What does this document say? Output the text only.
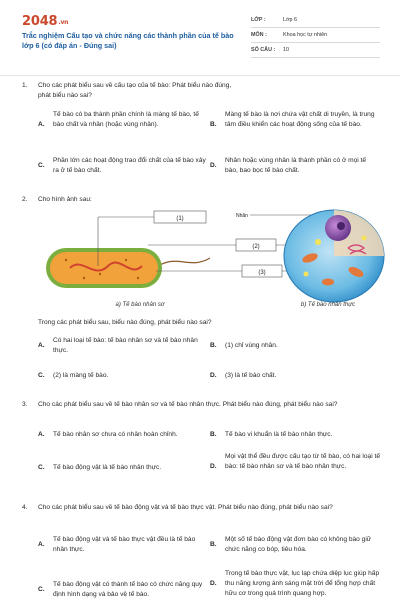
2048.vn
Trắc nghiệm Cấu tạo và chức năng các thành phần của tế bào lớp 6 (có đáp án - Đúng sai)
LỚP :	Lớp 6
MÔN :	Khoa học tự nhiên
SỐ CÂU :	10
1.	Cho các phát biểu sau về cấu tạo của tế bào: Phát biểu nào đúng, phát biểu nào sai?
A.
Tế bào có ba thành phần chính là màng tế bào, tế bào chất và nhân (hoặc vùng nhân).	B.
Màng tế bào là nơi chứa vật chất di truyền, là trung tâm điều khiển các hoạt động sống của tế bào.
C.
Phần lớn các hoạt động trao đổi chất của tế bào xảy ra ở tế bào chất.
D.
Nhân hoặc vùng nhân là thành phần có ở mọi tế bào, bao bọc tế bào chất.
2.	Cho hình ảnh sau:
(1)
(2)
(3)
Nhân
a) Tế bào nhân sơ	b) Tế bào nhân thực
Trong các phát biểu sau, biểu nào đúng, phát biểu nào sai?
A.
Có hai loại tế bào: tế bào nhân sơ và tế bào nhân thực.
B.	(1) chỉ vùng nhân.
C.	(2) là màng tế bào.	D.	(3) là tế bào chất.
3.	Cho các phát biểu sau về tế bào nhân sơ và tế bào nhân thực. Phát biểu nào đúng, phát biểu nào sai?
A.	Tế bào nhân sơ chưa có nhân hoàn chỉnh.	B.	Tế bào vi khuẩn là tế bào nhân thực.
C.	Tế bào động vật là tế bào nhân thực.	D.
Mọi vật thể đều được cấu tạo từ tế bào, có hai loại tế bào: tế bào nhân sơ và tế bào nhân thực.
4.	Cho các phát biểu sau về tế bào động vật và tế bào thực vật. Phát biểu nào đúng, phát biểu nào sai?
A.
Tế bào động vật và tế bào thực vật đều là tế bào nhân thực.
B.
Một số tế bào động vật đơn bào có không bào giữ chức năng co bóp, tiêu hóa.
C.
Tế bào động vật có thành tế bào có chức năng quy định hình dạng và bảo vệ tế bào.
D.
Trong tế bào thực vật, lục lạp chứa diệp lục giúp hấp thu năng lượng ánh sáng mặt trời để tổng hợp chất hữu cơ trong quá trình quang hợp.
